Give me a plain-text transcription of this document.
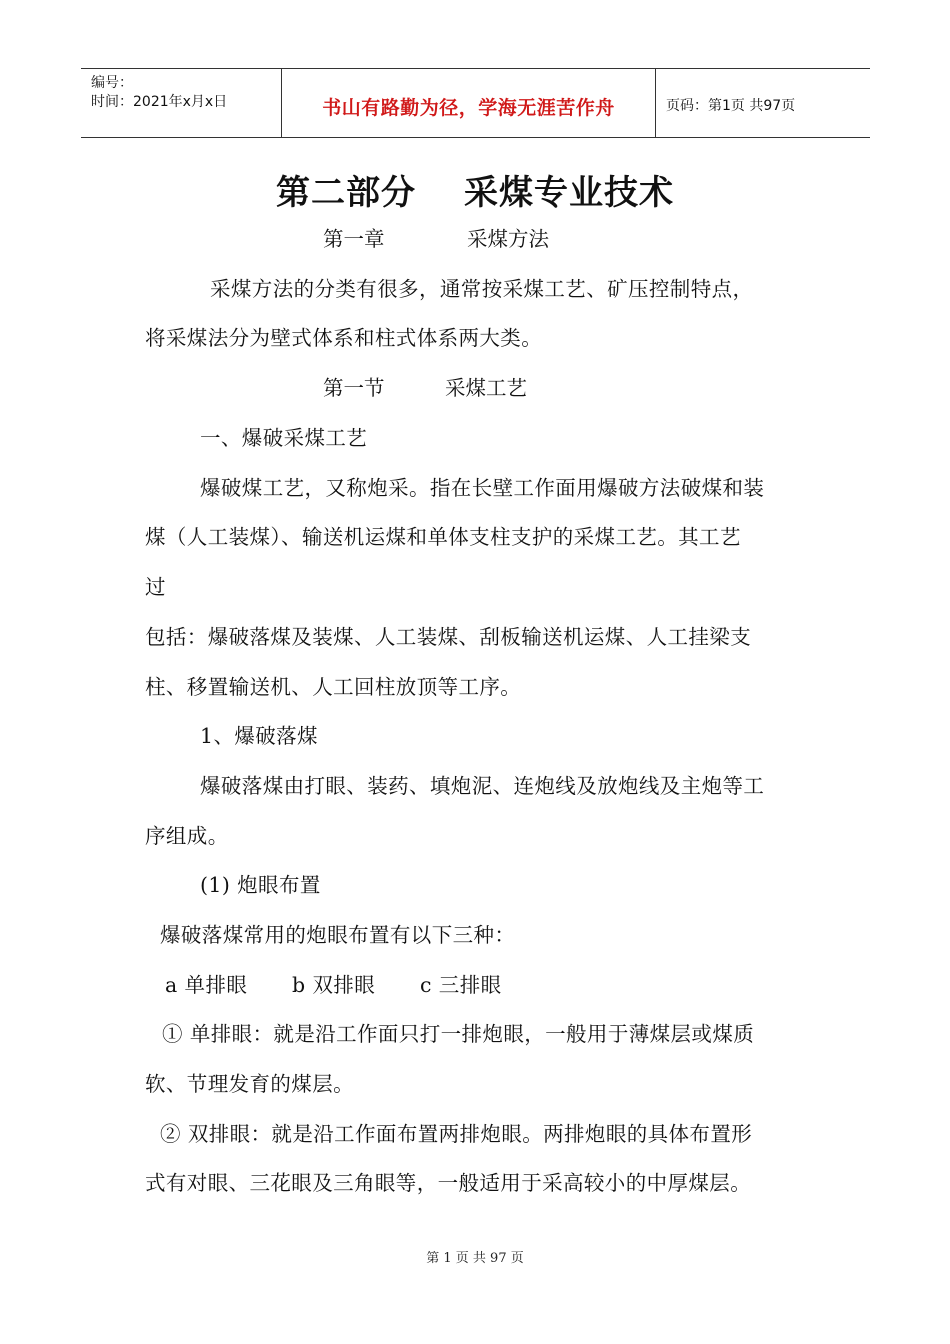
编号：
时间：2021年x月x日	书山有路勤为径，学海无涯苦作舟	页码：第1页 共97页
第二部分 采煤专业技术
第一章	采煤方法
采煤方法的分类有很多，通常按采煤工艺、矿压控制特点，
将采煤法分为壁式体系和柱式体系两大类。
第一节	采煤工艺
一、爆破采煤工艺
爆破煤工艺，又称炮采。指在长壁工作面用爆破方法破煤和装
煤（人工装煤）、输送机运煤和单体支柱支护的采煤工艺。其工艺
过
包括：爆破落煤及装煤、人工装煤、刮板输送机运煤、人工挂梁支
柱、移置输送机、人工回柱放顶等工序。
1、爆破落煤
爆破落煤由打眼、装药、填炮泥、连炮线及放炮线及主炮等工
序组成。
(1) 炮眼布置
爆破落煤常用的炮眼布置有以下三种：
a 单排眼 b 双排眼 c 三排眼
① 单排眼：就是沿工作面只打一排炮眼，一般用于薄煤层或煤质
软、节理发育的煤层。
② 双排眼：就是沿工作面布置两排炮眼。两排炮眼的具体布置形
式有对眼、三花眼及三角眼等，一般适用于采高较小的中厚煤层。
第 1 页 共 97 页
